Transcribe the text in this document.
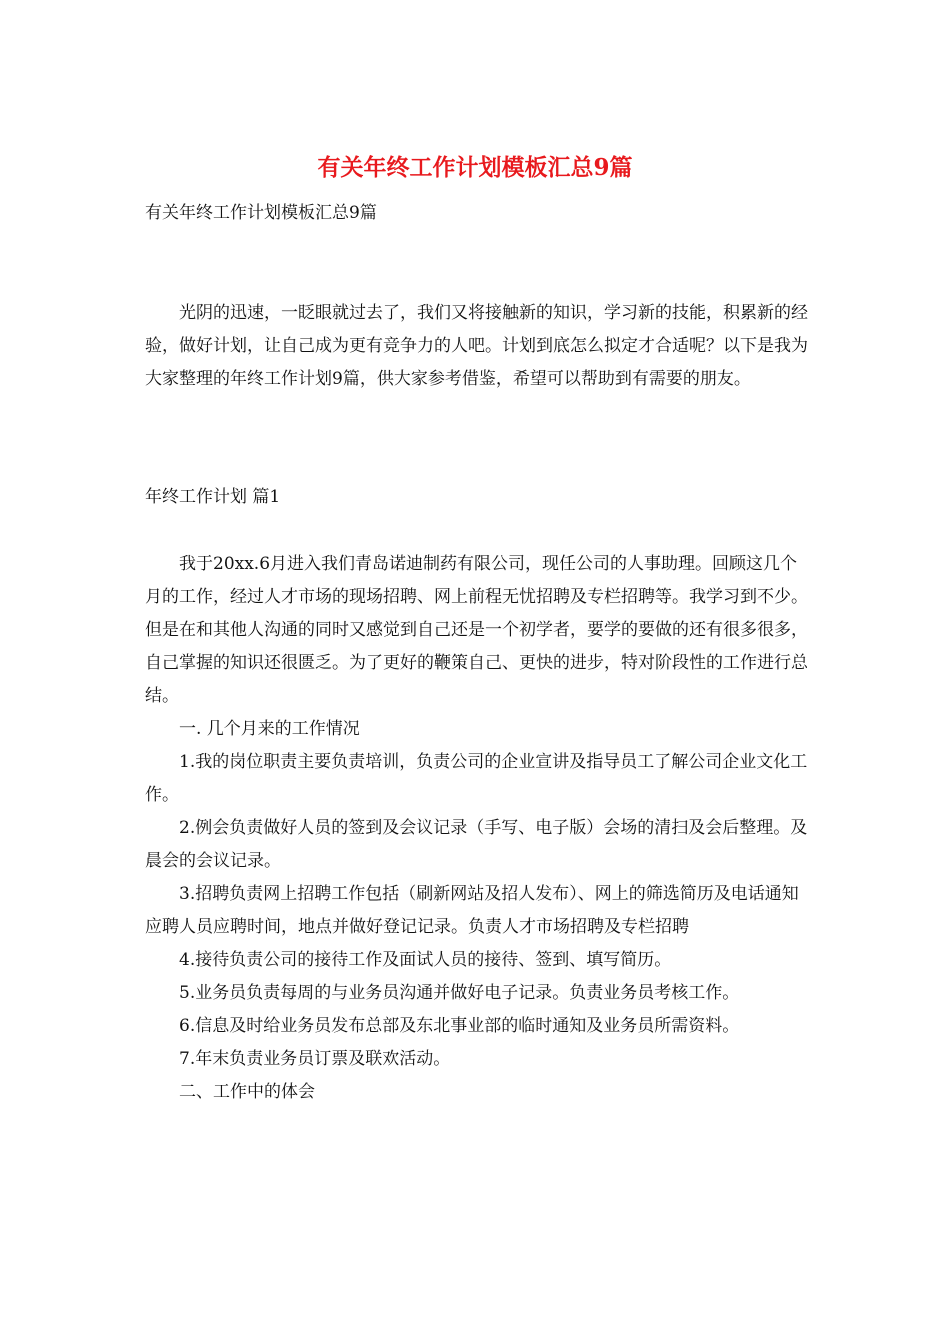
有关年终工作计划模板汇总9篇

有关年终工作计划模板汇总9篇

光阴的迅速，一眨眼就过去了，我们又将接触新的知识，学习新的技能，积累新的经验，做好计划，让自己成为更有竞争力的人吧。计划到底怎么拟定才合适呢？以下是我为大家整理的年终工作计划9篇，供大家参考借鉴，希望可以帮助到有需要的朋友。

年终工作计划 篇1

我于20xx.6月进入我们青岛诺迪制药有限公司，现任公司的人事助理。回顾这几个月的工作，经过人才市场的现场招聘、网上前程无忧招聘及专栏招聘等。我学习到不少。但是在和其他人沟通的同时又感觉到自己还是一个初学者，要学的要做的还有很多很多，自己掌握的知识还很匮乏。为了更好的鞭策自己、更快的进步，特对阶段性的工作进行总结。

一. 几个月来的工作情况

1.我的岗位职责主要负责培训，负责公司的企业宣讲及指导员工了解公司企业文化工作。

2.例会负责做好人员的签到及会议记录（手写、电子版）会场的清扫及会后整理。及晨会的会议记录。

3.招聘负责网上招聘工作包括（刷新网站及招人发布）、网上的筛选简历及电话通知应聘人员应聘时间，地点并做好登记记录。负责人才市场招聘及专栏招聘

4.接待负责公司的接待工作及面试人员的接待、签到、填写简历。

5.业务员负责每周的与业务员沟通并做好电子记录。负责业务员考核工作。

6.信息及时给业务员发布总部及东北事业部的临时通知及业务员所需资料。

7.年末负责业务员订票及联欢活动。

二、工作中的体会
